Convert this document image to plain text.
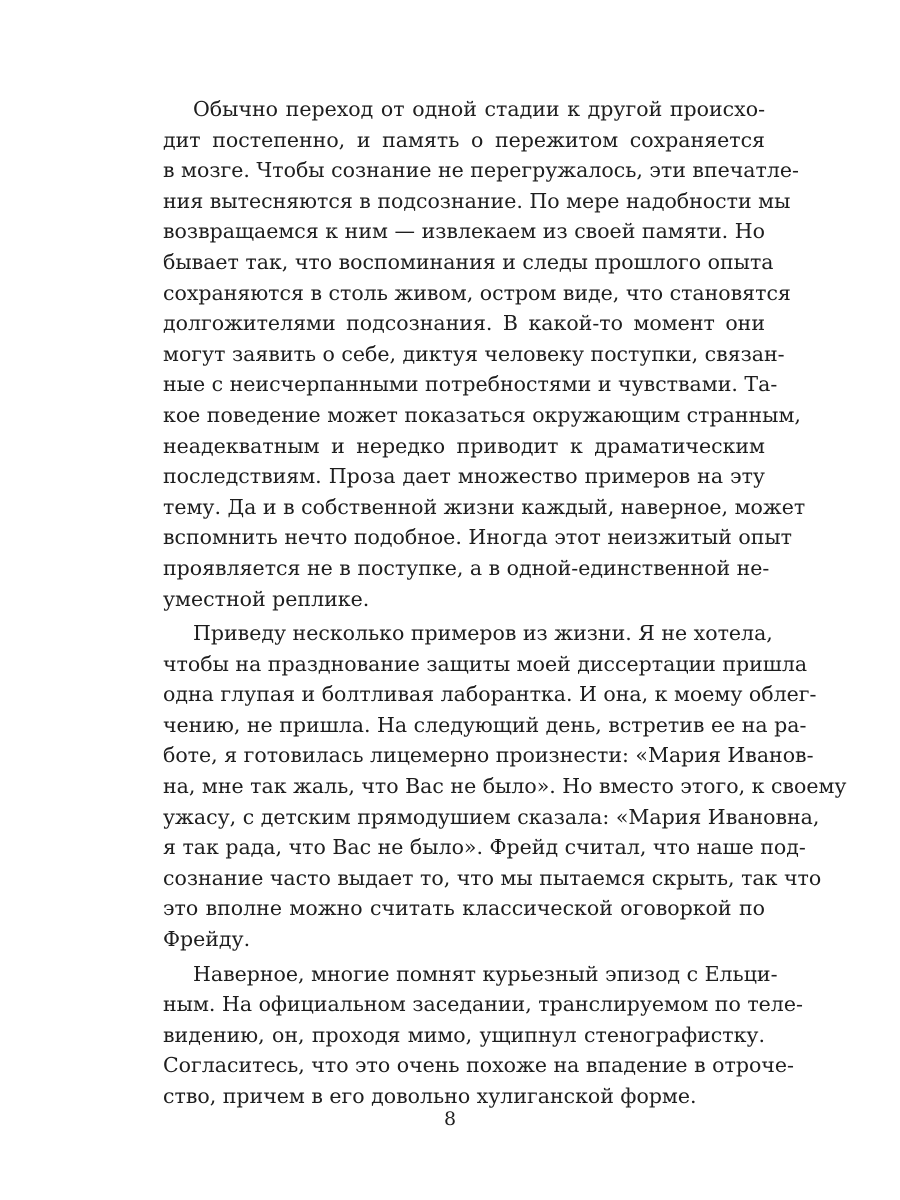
Обычно переход от одной стадии к другой происхо-
дит постепенно, и память о пережитом сохраняется
в мозге. Чтобы сознание не перегружалось, эти впечатле-
ния вытесняются в подсознание. По мере надобности мы
возвращаемся к ним — извлекаем из своей памяти. Но
бывает так, что воспоминания и следы прошлого опыта
сохраняются в столь живом, остром виде, что становятся
долгожителями подсознания. В какой-то момент они
могут заявить о себе, диктуя человеку поступки, связан-
ные с неисчерпанными потребностями и чувствами. Та-
кое поведение может показаться окружающим странным,
неадекватным и нередко приводит к драматическим
последствиям. Проза дает множество примеров на эту
тему. Да и в собственной жизни каждый, наверное, может
вспомнить нечто подобное. Иногда этот неизжитый опыт
проявляется не в поступке, а в одной-единственной не-
уместной реплике.
Приведу несколько примеров из жизни. Я не хотела,
чтобы на празднование защиты моей диссертации пришла
одна глупая и болтливая лаборантка. И она, к моему облег-
чению, не пришла. На следующий день, встретив ее на ра-
боте, я готовилась лицемерно произнести: «Мария Иванов-
на, мне так жаль, что Вас не было». Но вместо этого, к своему
ужасу, с детским прямодушием сказала: «Мария Ивановна,
я так рада, что Вас не было». Фрейд считал, что наше под-
сознание часто выдает то, что мы пытаемся скрыть, так что
это вполне можно считать классической оговоркой по
Фрейду.
Наверное, многие помнят курьезный эпизод с Ельци-
ным. На официальном заседании, транслируемом по теле-
видению, он, проходя мимо, ущипнул стенографистку.
Согласитесь, что это очень похоже на впадение в отроче-
ство, причем в его довольно хулиганской форме.
8
